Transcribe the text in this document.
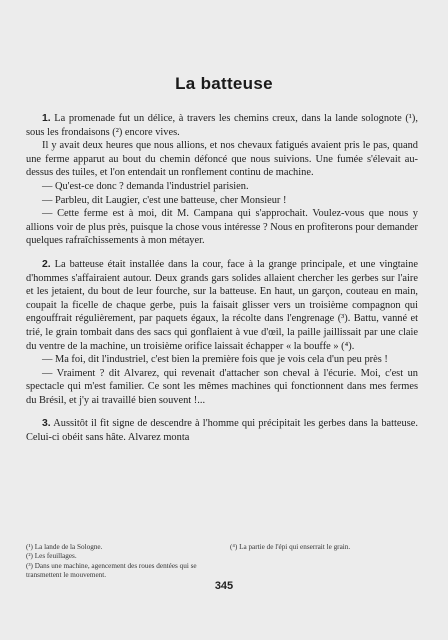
La batteuse

1. La promenade fut un délice, à travers les chemins creux, dans la lande solognote (¹), sous les frondaisons (²) encore vives.

Il y avait deux heures que nous allions, et nos chevaux fatigués avaient pris le pas, quand une ferme apparut au bout du chemin défoncé que nous suivions. Une fumée s'élevait au-dessus des tuiles, et l'on entendait un ronflement continu de machine.

— Qu'est-ce donc ? demanda l'industriel parisien.

— Parbleu, dit Laugier, c'est une batteuse, cher Monsieur !

— Cette ferme est à moi, dit M. Campana qui s'approchait. Voulez-vous que nous y allions voir de plus près, puisque la chose vous intéresse ? Nous en profiterons pour demander quelques rafraîchissements à mon métayer.

2. La batteuse était installée dans la cour, face à la grange principale, et une vingtaine d'hommes s'affairaient autour. Deux grands gars solides allaient chercher les gerbes sur l'aire et les jetaient, du bout de leur fourche, sur la batteuse. En haut, un garçon, couteau en main, coupait la ficelle de chaque gerbe, puis la faisait glisser vers un troisième compagnon qui engouffrait régulièrement, par paquets égaux, la récolte dans l'engrenage (³). Battu, vanné et trié, le grain tombait dans des sacs qui gonflaient à vue d'œil, la paille jaillissait par une claie du ventre de la machine, un troisième orifice laissait échapper « la bouffe » (⁴).

— Ma foi, dit l'industriel, c'est bien la première fois que je vois cela d'un peu près !

— Vraiment ? dit Alvarez, qui revenait d'attacher son cheval à l'écurie. Moi, c'est un spectacle qui m'est familier. Ce sont les mêmes machines qui fonctionnent dans mes fermes du Brésil, et j'y ai travaillé bien souvent !...

3. Aussitôt il fit signe de descendre à l'homme qui précipitait les gerbes dans la batteuse. Celui-ci obéit sans hâte. Alvarez monta

(¹) La lande de la Sologne.
(²) Les feuillages.
(³) Dans une machine, agencement des roues dentées qui se transmettent le mouvement.
(⁴) La partie de l'épi qui enserrait le grain.
345
